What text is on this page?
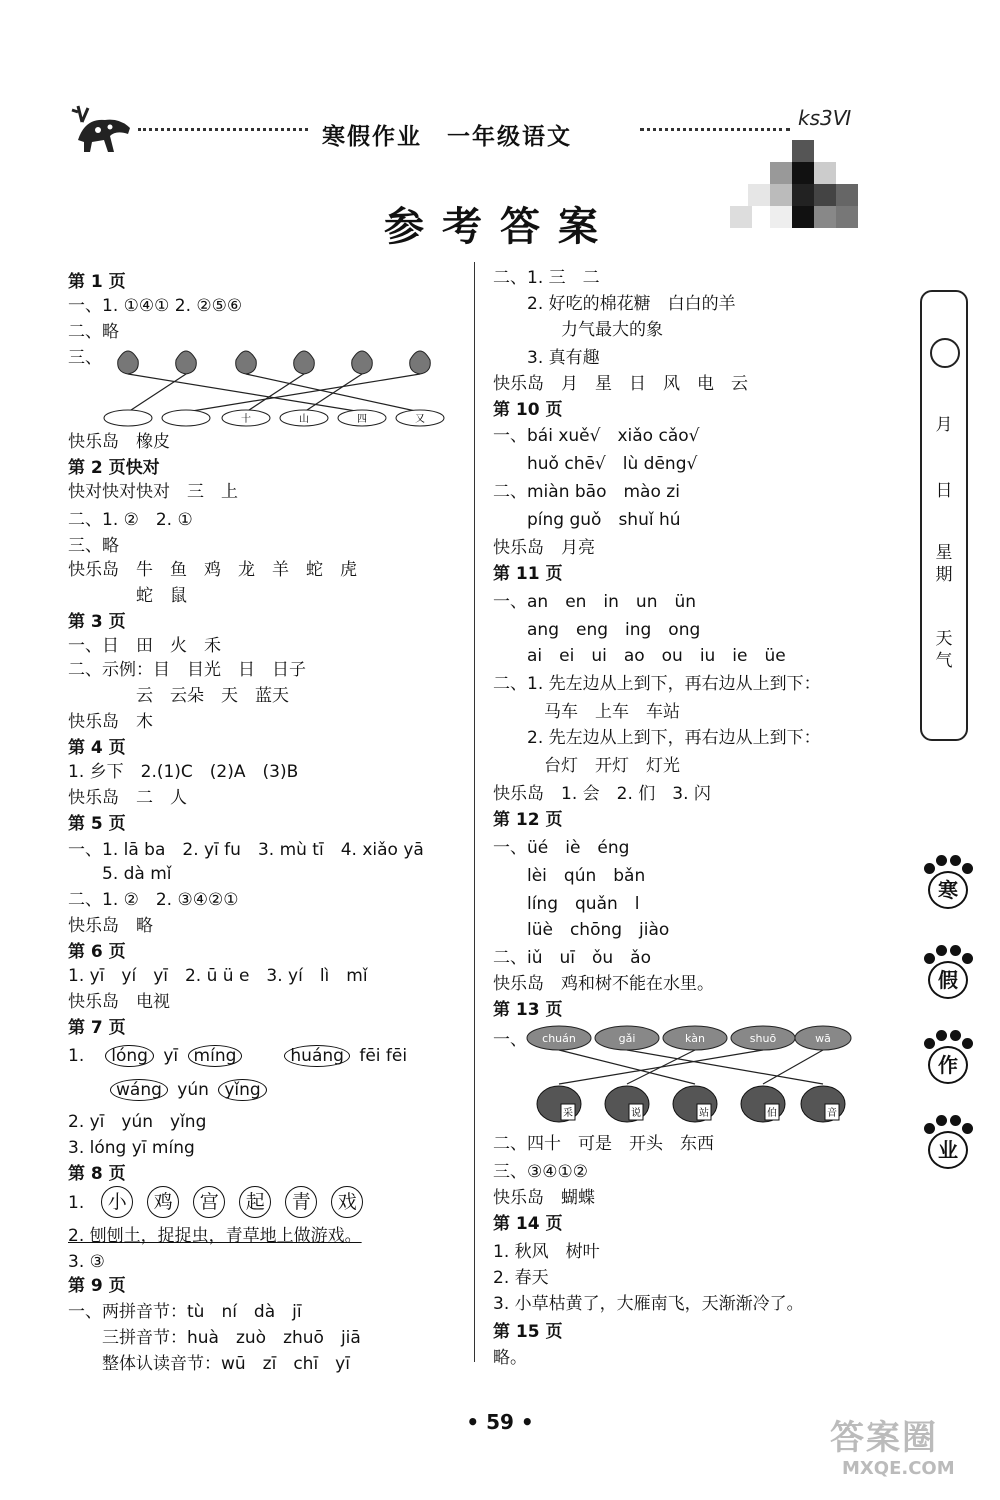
寒假作业　一年级语文
ks3Ⅵ
参考答案
第 1 页
一、1. ①④① 2. ②⑤⑥
二、略
三、
十	山	四	又
快乐岛　橡皮
第 2 页快对
快对快对快对　三　上
二、1. ②　2. ①
三、略
快乐岛　牛　鱼　鸡　龙　羊　蛇　虎
　　　　蛇　鼠
第 3 页
一、日　田　火　禾
二、示例：目　目光　日　日子
　　　　云　云朵　天　蓝天
快乐岛　木
第 4 页
1. 乡下　2.(1)C　(2)A　(3)B
快乐岛　二　人
第 5 页
一、1. lā ba　2. yī fu　3. mù tī　4. xiǎo yā
　　5. dà mǐ
二、1. ②　2. ③④②①
快乐岛　略
第 6 页
1. yī　yí　yī　2. ū ü e　3. yí　lì　mǐ
快乐岛　电视
第 7 页
1.　 lóng yī míng　　	huáng fēi fēi
wáng yún yǐng
2. yī　yún　yǐng
3. lóng yī míng
第 8 页
1.　 小 鸡 宫 起 青 戏
2. 刨刨土，捉捉虫，青草地上做游戏。
3. ③
第 9 页
一、两拼音节：tù　ní　dà　jī
　　三拼音节：huà　zuò　zhuō　jiā
　　整体认读音节：wū　zī　chī　yī
二、1. 三　二
　　2. 好吃的棉花糖　白白的羊
　　　　力气最大的象
　　3. 真有趣
快乐岛　月　星　日　风　电　云
第 10 页
一、bái xuě√　xiǎo cǎo√
　　huǒ chē√　lù dēng√
二、miàn bāo　mào zi
　　píng guǒ　shuǐ hú
快乐岛　月亮
第 11 页
一、an　en　in　un　ün
　　ang　eng　ing　ong
　　ai　ei　ui　ao　ou　iu　ie　üe
二、1. 先左边从上到下，再右边从上到下：
　　　马车　上车　车站
　　2. 先左边从上到下，再右边从上到下：
　　　台灯　开灯　灯光
快乐岛　1. 会　2. 们　3. 闪
第 12 页
一、üé　iè　éng
　　lèi　qún　bǎn
　　líng　quǎn　l
　　lüè　chōng　jiào
二、iǔ　uī　ǒu　ǎo
快乐岛　鸡和树不能在水里。
第 13 页
一、 chuán	gǎi	kàn	shuō	wā
采	说	站	伯	音
二、四十　可是　开头　东西
三、③④①②
快乐岛　蝴蝶
第 14 页
1. 秋风　树叶
2. 春天
3. 小草枯黄了，大雁南飞，天渐渐冷了。
第 15 页
略。
月
日
星期
天气
寒
假
作
业
• 59 •	答案圈
MXQE.COM
